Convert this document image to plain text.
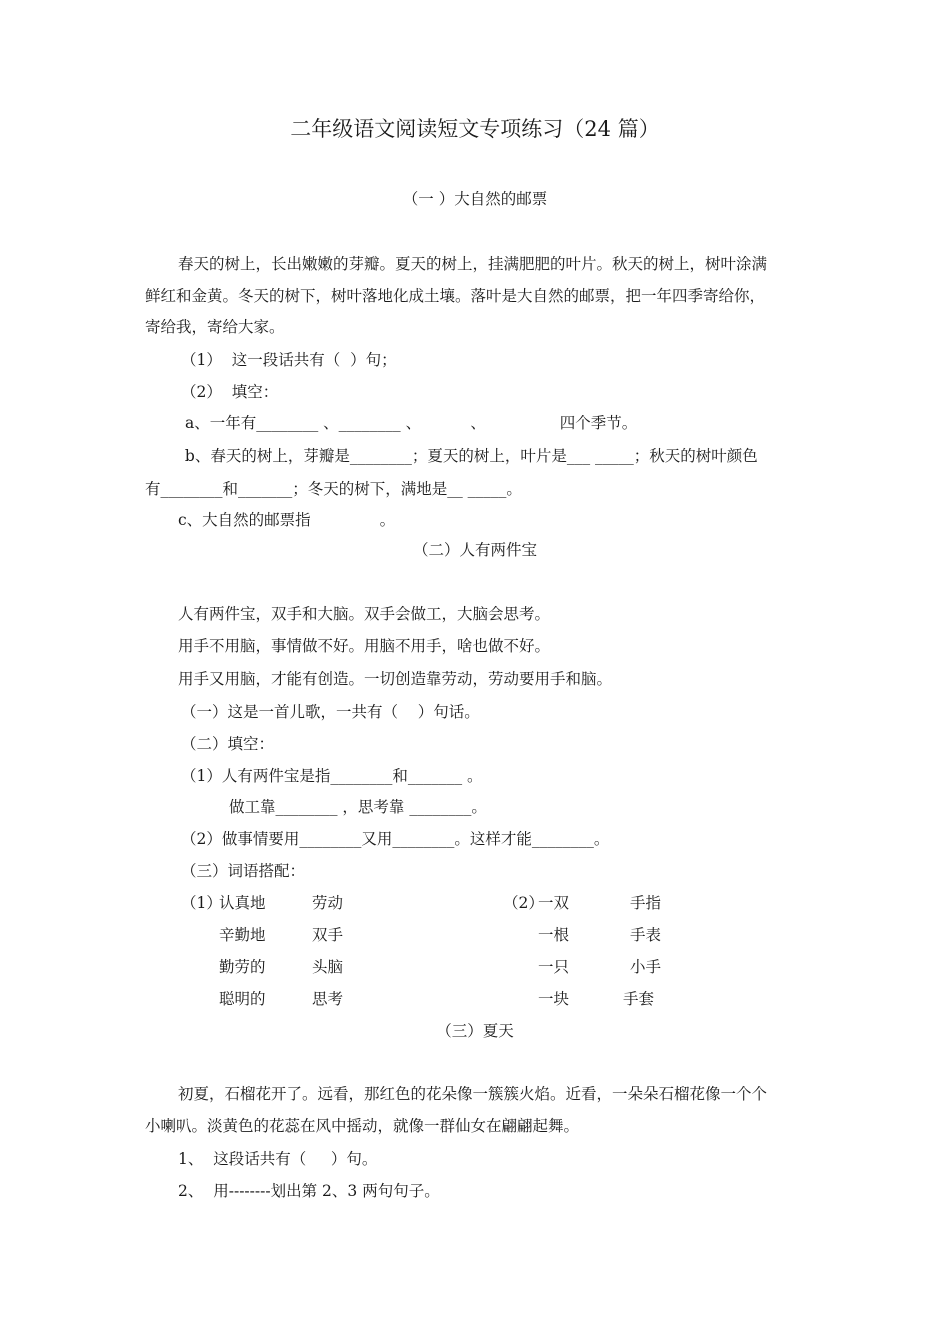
二年级语文阅读短文专项练习（24 篇）
（一 ）大自然的邮票
春天的树上，长出嫩嫩的芽瓣。夏天的树上，挂满肥肥的叶片。秋天的树上，树叶涂满
鲜红和金黄。冬天的树下，树叶落地化成土壤。落叶是大自然的邮票，把一年四季寄给你，
寄给我，寄给大家。
（1）  这一段话共有（  ）句；
（2）  填空：
a、一年有________ 、________ 、          、               四个季节。
b、春天的树上，芽瓣是________；夏天的树上，叶片是___ _____；秋天的树叶颜色
有________和_______；冬天的树下，满地是__ _____。
c、大自然的邮票指              。
（二）人有两件宝
人有两件宝，双手和大脑。双手会做工，大脑会思考。
用手不用脑，事情做不好。用脑不用手，啥也做不好。
用手又用脑，才能有创造。一切创造靠劳动，劳动要用手和脑。
（一）这是一首儿歌，一共有（    ）句话。
（二）填空：
（1）人有两件宝是指________和_______ 。
做工靠________ ，思考靠 ________。
（2）做事情要用________又用________。这样才能________。
（三）词语搭配：
（1）
认真地
辛勤地
勤劳的
聪明的
劳动
双手
头脑
思考
（2）
一双
一根
一只
一块
手指
手表
小手
手套
（三）夏天
初夏，石榴花开了。远看，那红色的花朵像一簇簇火焰。近看，一朵朵石榴花像一个个
小喇叭。淡黄色的花蕊在风中摇动，就像一群仙女在翩翩起舞。
1、  这段话共有（     ）句。
2、  用--------划出第 2、3 两句句子。
